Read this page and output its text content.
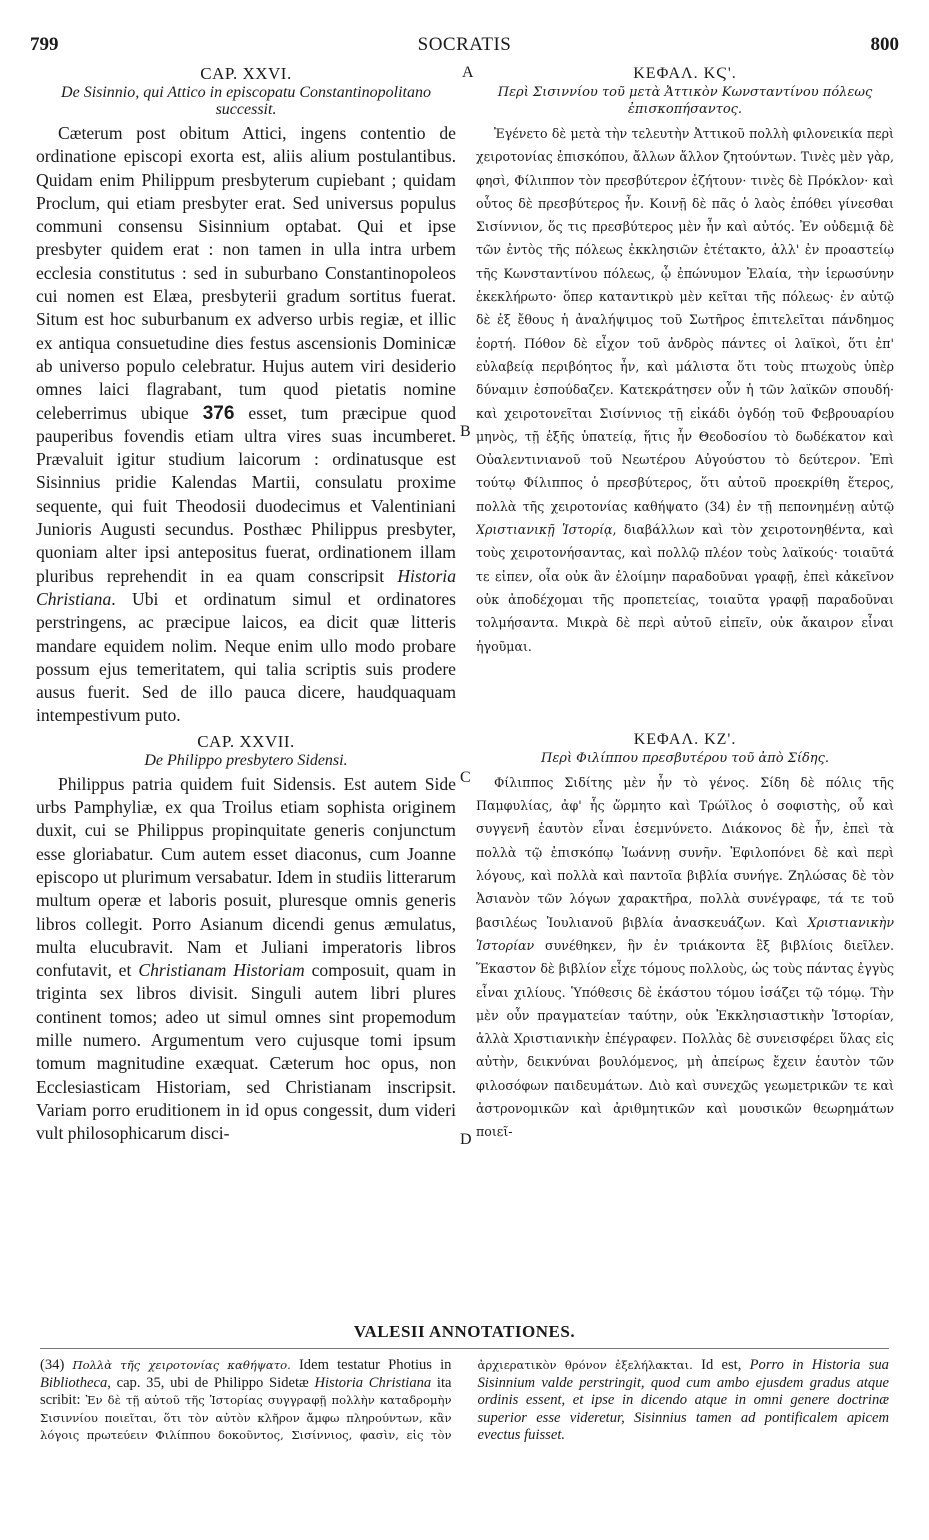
799	SOCRATIS	800
CAP. XXVI.
De Sisinnio, qui Attico in episcopatu Constantinopolitano successit.

Cæterum post obitum Attici, ingens contentio de ordinatione episcopi exorta est, aliis alium postulantibus. Quidam enim Philippum presbyterum cupiebant ; quidam Proclum, qui etiam presbyter erat. Sed universus populus communi consensu Sisinnium optabat. Qui et ipse presbyter quidem erat : non tamen in ulla intra urbem ecclesia constitutus : sed in suburbano Constantinopoleos cui nomen est Elæa, presbyterii gradum sortitus fuerat. Situm est hoc suburbanum ex adverso urbis regiæ, et illic ex antiqua consuetudine dies festus ascensionis Dominicæ ab universo populo celebratur. Hujus autem viri desiderio omnes laici flagrabant, tum quod pietatis nomine celeberrimus ubique 376 esset, tum præcipue quod pauperibus fovendis etiam ultra vires suas incumberet. Prævaluit igitur studium laicorum : ordinatusque est Sisinnius pridie Kalendas Martii, consulatu proxime sequente, qui fuit Theodosii duodecimus et Valentiniani Junioris Augusti secundus. Posthæc Philippus presbyter, quoniam alter ipsi antepositus fuerat, ordinationem illam pluribus reprehendit in ea quam conscripsit Historia Christiana. Ubi et ordinatum simul et ordinatores perstringens, ac præcipue laicos, ea dicit quæ litteris mandare equidem nolim. Neque enim ullo modo probare possum ejus temeritatem, qui talia scriptis suis prodere ausus fuerit. Sed de illo pauca dicere, haudquaquam intempestivum puto.

CAP. XXVII.
De Philippo presbytero Sidensi.

Philippus patria quidem fuit Sidensis. Est autem Side urbs Pamphyliæ, ex qua Troilus etiam sophista originem duxit, cui se Philippus propinquitate generis conjunctum esse gloriabatur. Cum autem esset diaconus, cum Joanne episcopo ut plurimum versabatur. Idem in studiis litterarum multum operæ et laboris posuit, pluresque omnis generis libros collegit. Porro Asianum dicendi genus æmulatus, multa elucubravit. Nam et Juliani imperatoris libros confutavit, et Christianam Historiam composuit, quam in triginta sex libros divisit. Singuli autem libri plures continent tomos; adeo ut simul omnes sint propemodum mille numero. Argumentum vero cujusque tomi ipsum tomum magnitudine exæquat. Cæterum hoc opus, non Ecclesiasticam Historiam, sed Christianam inscripsit. Variam porro eruditionem in id opus congessit, dum videri vult philosophicarum disci-

A
B
C
D
ΚΕΦΑΛ. ΚϚ'.
Περὶ Σισιννίου τοῦ μετὰ Ἀττικὸν Κωνσταντίνου πόλεως ἐπισκοπήσαντος.

Ἐγένετο δὲ μετὰ τὴν τελευτὴν Ἀττικοῦ πολλὴ φιλονεικία περὶ χειροτονίας ἐπισκόπου, ἄλλων ἄλλον ζητούντων. Τινὲς μὲν γὰρ, φησὶ, Φίλιππον τὸν πρεσβύτερον ἐζήτουν· τινὲς δὲ Πρόκλον· καὶ οὗτος δὲ πρεσβύτερος ἦν. Κοινῇ δὲ πᾶς ὁ λαὸς ἐπόθει γίνεσθαι Σισίννιον, ὅς τις πρεσβύτερος μὲν ἦν καὶ αὐτός. Ἐν οὐδεμιᾷ δὲ τῶν ἐντὸς τῆς πόλεως ἐκκλησιῶν ἐτέτακτο, ἀλλ' ἐν προαστείῳ τῆς Κωνσταντίνου πόλεως, ᾧ ἐπώνυμον Ἐλαία, τὴν ἱερωσύνην ἐκεκλήρωτο· ὅπερ καταντικρὺ μὲν κεῖται τῆς πόλεως· ἐν αὐτῷ δὲ ἐξ ἔθους ἡ ἀναλήψιμος τοῦ Σωτῆρος ἐπιτελεῖται πάνδημος ἑορτή. Πόθον δὲ εἶχον τοῦ ἀνδρὸς πάντες οἱ λαϊκοὶ, ὅτι ἐπ' εὐλαβείᾳ περιβόητος ἦν, καὶ μάλιστα ὅτι τοὺς πτωχοὺς ὑπὲρ δύναμιν ἐσπούδαζεν. Κατεκράτησεν οὖν ἡ τῶν λαϊκῶν σπουδή· καὶ χειροτονεῖται Σισίννιος τῇ εἰκάδι ὀγδόῃ τοῦ Φεβρουαρίου μηνὸς, τῇ ἑξῆς ὑπατείᾳ, ἥτις ἦν Θεοδοσίου τὸ δωδέκατον καὶ Οὐαλεντινιανοῦ τοῦ Νεωτέρου Αὐγούστου τὸ δεύτερον. Ἐπὶ τούτῳ Φίλιππος ὁ πρεσβύτερος, ὅτι αὐτοῦ προεκρίθη ἕτερος, πολλὰ τῆς χειροτονίας καθήψατο (34) ἐν τῇ πεπονημένῃ αὐτῷ Χριστιανικῇ Ἱστορίᾳ, διαβάλλων καὶ τὸν χειροτονηθέντα, καὶ τοὺς χειροτονήσαντας, καὶ πολλῷ πλέον τοὺς λαϊκούς· τοιαῦτά τε εἰπεν, οἷα οὐκ ἂν ἑλοίμην παραδοῦναι γραφῇ, ἐπεὶ κἀκεῖνον οὐκ ἀποδέχομαι τῆς προπετείας, τοιαῦτα γραφῇ παραδοῦναι τολμήσαντα. Μικρὰ δὲ περὶ αὐτοῦ εἰπεῖν, οὐκ ἄκαιρον εἶναι ἡγοῦμαι.

ΚΕΦΑΛ. ΚΖ'.
Περὶ Φιλίππου πρεσβυτέρου τοῦ ἀπὸ Σίδης.

Φίλιππος Σιδίτης μὲν ἦν τὸ γένος. Σίδη δὲ πόλις τῆς Παμφυλίας, ἀφ' ἧς ὥρμητο καὶ Τρώϊλος ὁ σοφιστὴς, οὗ καὶ συγγενῆ ἑαυτὸν εἶναι ἐσεμνύνετο. Διάκονος δὲ ἦν, ἐπεὶ τὰ πολλὰ τῷ ἐπισκόπῳ Ἰωάννῃ συνῆν. Ἐφιλοπόνει δὲ καὶ περὶ λόγους, καὶ πολλὰ καὶ παντοῖα βιβλία συνήγε. Ζηλώσας δὲ τὸν Ἀσιανὸν τῶν λόγων χαρακτῆρα, πολλὰ συνέγραφε, τά τε τοῦ βασιλέως Ἰουλιανοῦ βιβλία ἀνασκευάζων. Καὶ Χριστιανικὴν Ἱστορίαν συνέθηκεν, ἣν ἐν τριάκοντα ἓξ βιβλίοις διεῖλεν. Ἕκαστον δὲ βιβλίον εἶχε τόμους πολλοὺς, ὡς τοὺς πάντας ἐγγὺς εἶναι χιλίους. Ὑπόθεσις δὲ ἑκάστου τόμου ἰσάζει τῷ τόμῳ. Τὴν μὲν οὖν πραγματείαν ταύτην, οὐκ Ἐκκλησιαστικὴν Ἱστορίαν, ἀλλὰ Χριστιανικὴν ἐπέγραφεν. Πολλὰς δὲ συνεισφέρει ὕλας εἰς αὐτὴν, δεικνύναι βουλόμενος, μὴ ἀπείρως ἔχειν ἑαυτὸν τῶν φιλοσόφων παιδευμάτων. Διὸ καὶ συνεχῶς γεωμετρικῶν τε καὶ ἀστρονομικῶν καὶ ἀριθμητικῶν καὶ μουσικῶν θεωρημάτων ποιεῖ-

VALESII ANNOTATIONES.

(34) Πολλὰ τῆς χειροτονίας καθήψατο. Idem testatur Photius in Bibliotheca, cap. 35, ubi de Philippo Sidetæ Historia Christiana ita scribit: Ἐν δὲ τῇ αὐτοῦ τῆς Ἱστορίας συγγραφῇ πολλὴν καταδρομὴν Σισιννίου ποιεῖται, ὅτι τὸν αὐτὸν κλῆρον ἄμφω πληρούντων, κἂν λόγοις πρωτεύειν Φιλίππου δοκοῦντος, Σισίννιος, φασὶν, εἰς τὸν ἀρχιερατικὸν θρόνον ἐξελήλακται. Id est, Porro in Historia sua Sisinnium valde perstringit, quod cum ambo ejusdem gradus atque ordinis essent, et ipse in dicendo atque in omni genere doctrinæ superior esse videretur, Sisinnius tamen ad pontificalem apicem evectus fuisset.
